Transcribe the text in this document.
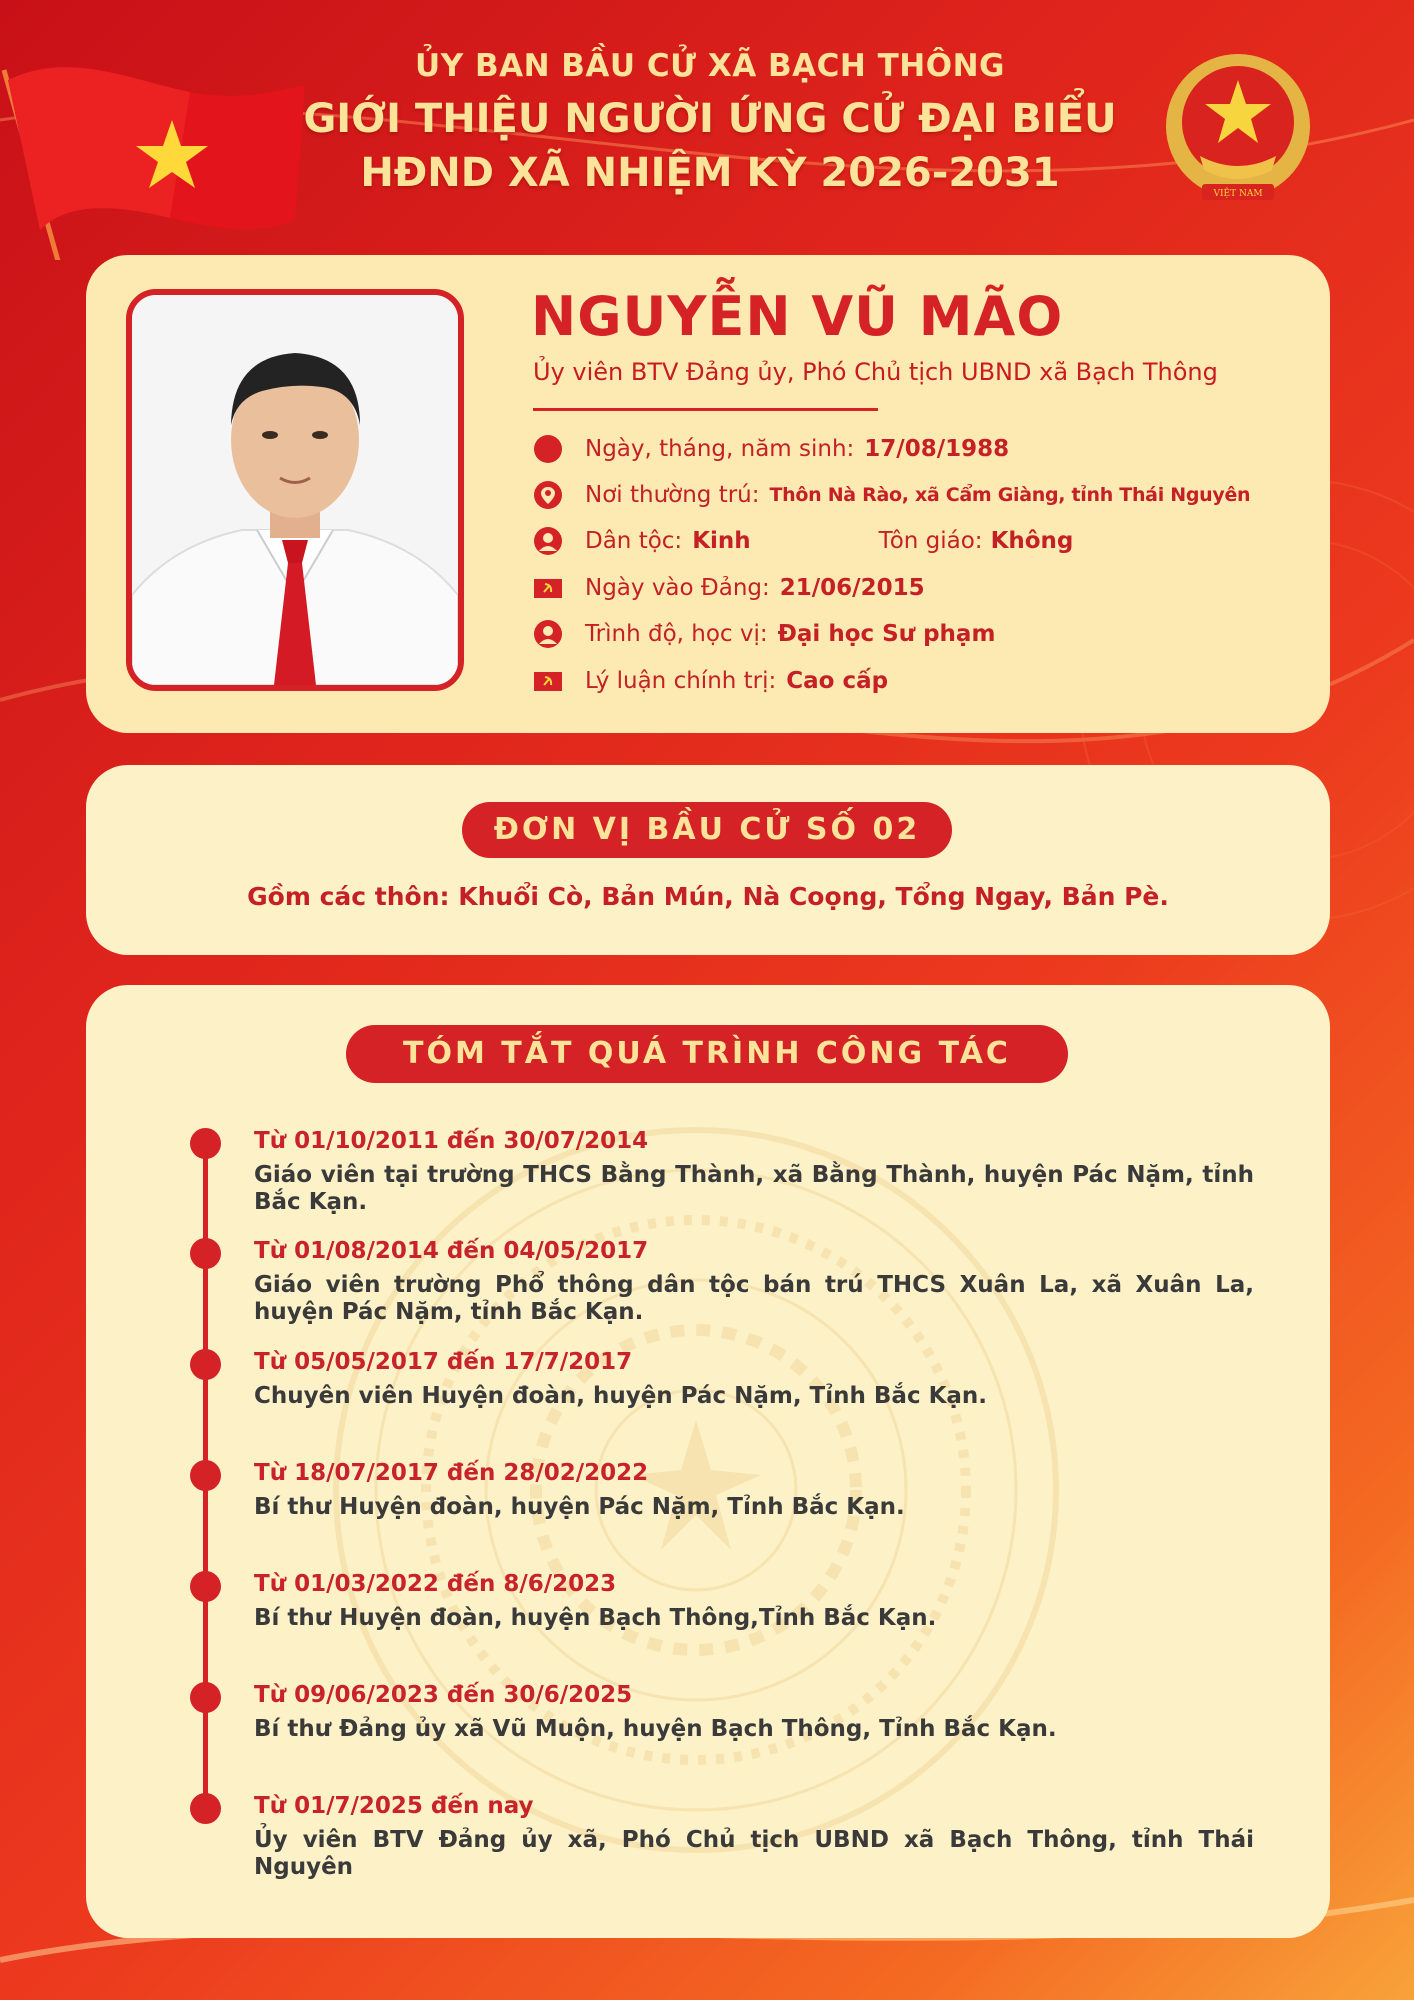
VIỆT NAM

ỦY BAN BẦU CỬ XÃ BẠCH THÔNG

GIỚI THIỆU NGƯỜI ỨNG CỬ ĐẠI BIỂU
HĐND XÃ NHIỆM KỲ 2026-2031

NGUYỄN VŨ MÃO

Ủy viên BTV Đảng ủy, Phó Chủ tịch UBND xã Bạch Thông

Ngày, tháng, năm sinh: 17/08/1988
Nơi thường trú: Thôn Nà Rào, xã Cẩm Giàng, tỉnh Thái Nguyên
Dân tộc: Kinh	Tôn giáo: Không
Ngày vào Đảng: 21/06/2015
Trình độ, học vị: Đại học Sư phạm
Lý luận chính trị: Cao cấp
ĐƠN VỊ BẦU CỬ SỐ 02

Gồm các thôn: Khuổi Cò, Bản Mún, Nà Coọng, Tổng Ngay, Bản Pè.

TÓM TẮT QUÁ TRÌNH CÔNG TÁC

Từ 01/10/2011 đến 30/07/2014

Giáo viên tại trường THCS Bằng Thành, xã Bằng Thành, huyện Pác Nặm, tỉnh Bắc Kạn.

Từ 01/08/2014 đến 04/05/2017

Giáo viên trường Phổ thông dân tộc bán trú THCS Xuân La, xã Xuân La, huyện Pác Nặm, tỉnh Bắc Kạn.

Từ 05/05/2017 đến 17/7/2017

Chuyên viên Huyện đoàn, huyện Pác Nặm, Tỉnh Bắc Kạn.

Từ 18/07/2017 đến 28/02/2022

Bí thư Huyện đoàn, huyện Pác Nặm, Tỉnh Bắc Kạn.

Từ 01/03/2022 đến 8/6/2023

Bí thư Huyện đoàn, huyện Bạch Thông,Tỉnh Bắc Kạn.

Từ 09/06/2023 đến 30/6/2025

Bí thư Đảng ủy xã Vũ Muộn, huyện Bạch Thông, Tỉnh Bắc Kạn.

Từ 01/7/2025 đến nay

Ủy viên BTV Đảng ủy xã, Phó Chủ tịch UBND xã Bạch Thông, tỉnh Thái Nguyên
